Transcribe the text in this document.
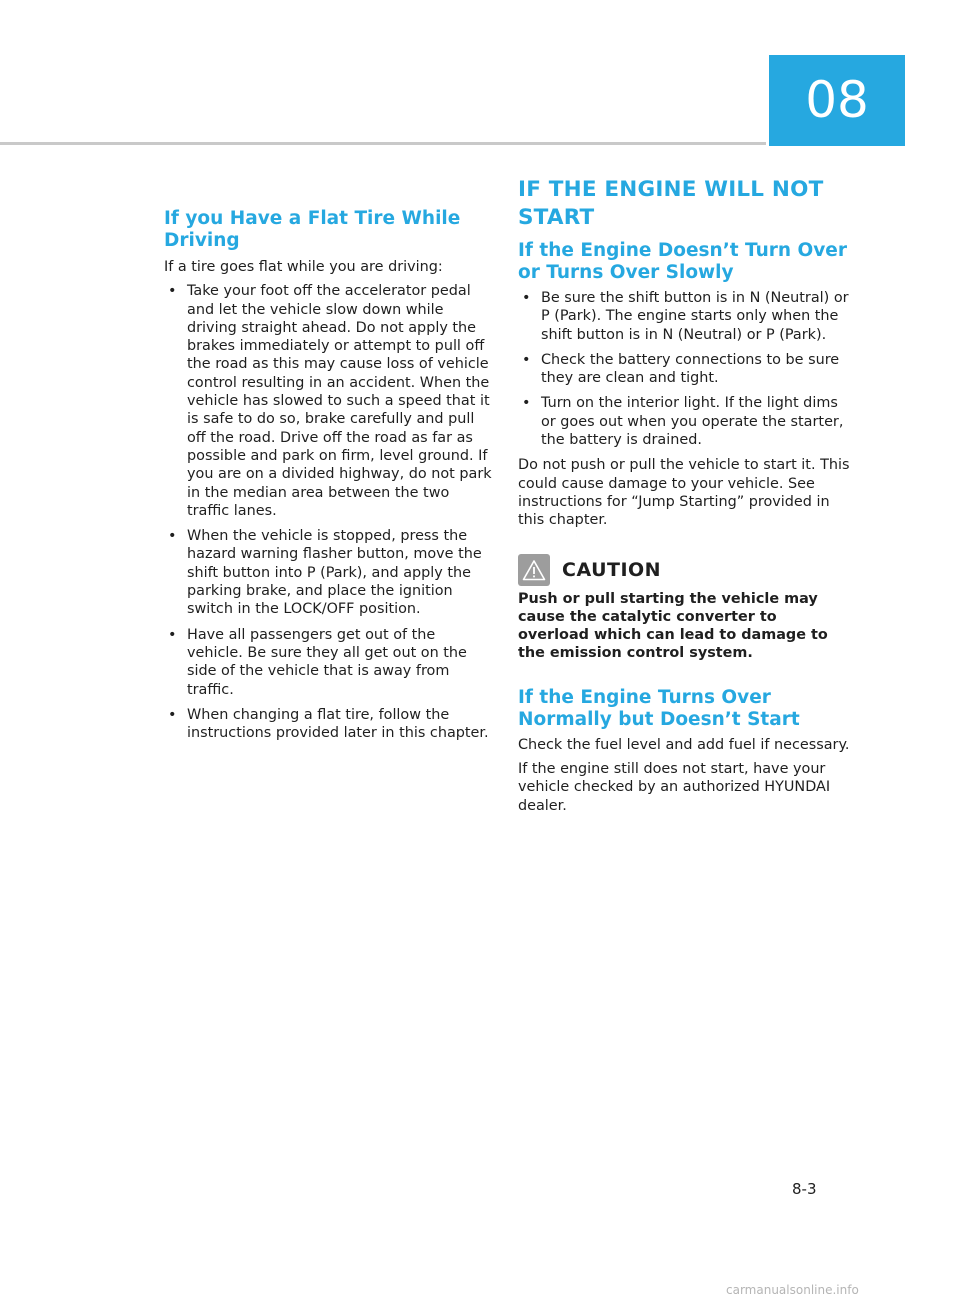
08
If you Have a Flat Tire While Driving

If a tire goes flat while you are driving:

• Take your foot off the accelerator pedal and let the vehicle slow down while driving straight ahead. Do not apply the brakes immediately or attempt to pull off the road as this may cause loss of vehicle control resulting in an accident. When the vehicle has slowed to such a speed that it is safe to do so, brake carefully and pull off the road. Drive off the road as far as possible and park on firm, level ground. If you are on a divided highway, do not park in the median area between the two traffic lanes.
• When the vehicle is stopped, press the hazard warning flasher button, move the shift button into P (Park), and apply the parking brake, and place the ignition switch in the LOCK/OFF position.
• Have all passengers get out of the vehicle. Be sure they all get out on the side of the vehicle that is away from traffic.
• When changing a flat tire, follow the instructions provided later in this chapter.
IF THE ENGINE WILL NOT START
If the Engine Doesn’t Turn Over or Turns Over Slowly
• Be sure the shift button is in N (Neutral) or P (Park). The engine starts only when the shift button is in N (Neutral) or P (Park).
• Check the battery connections to be sure they are clean and tight.
• Turn on the interior light. If the light dims or goes out when you operate the starter, the battery is drained.

Do not push or pull the vehicle to start it. This could cause damage to your vehicle. See instructions for “Jump Starting” provided in this chapter.

CAUTION

Push or pull starting the vehicle may cause the catalytic converter to overload which can lead to damage to the emission control system.

If the Engine Turns Over Normally but Doesn’t Start

Check the fuel level and add fuel if necessary.

If the engine still does not start, have your vehicle checked by an authorized HYUNDAI dealer.

8-3
carmanualsonline.info
